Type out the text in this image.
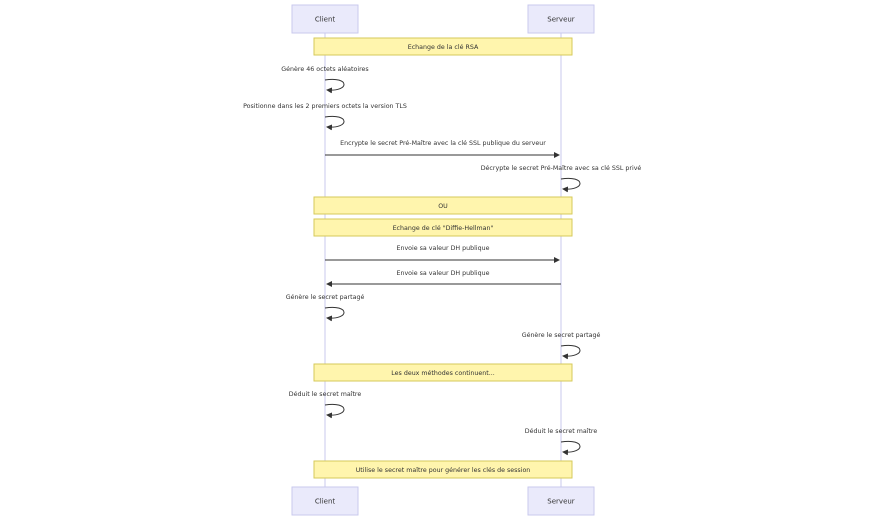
Client	Serveur
Echange de la clé RSA
Génère 46 octets aléatoires
Positionne dans les 2 premiers octets la version TLS
Encrypte le secret Pré-Maître avec la clé SSL publique du serveur
Décrypte le secret Pré-Maître avec sa clé SSL privé
OU
Echange de clé "Diffie-Hellman"
Envoie sa valeur DH publique
Envoie sa valeur DH publique
Génère le secret partagé
Génère le secret partagé
Les deux méthodes continuent...
Déduit le secret maître
Déduit le secret maître
Utilise le secret maître pour générer les clés de session
Client	Serveur
